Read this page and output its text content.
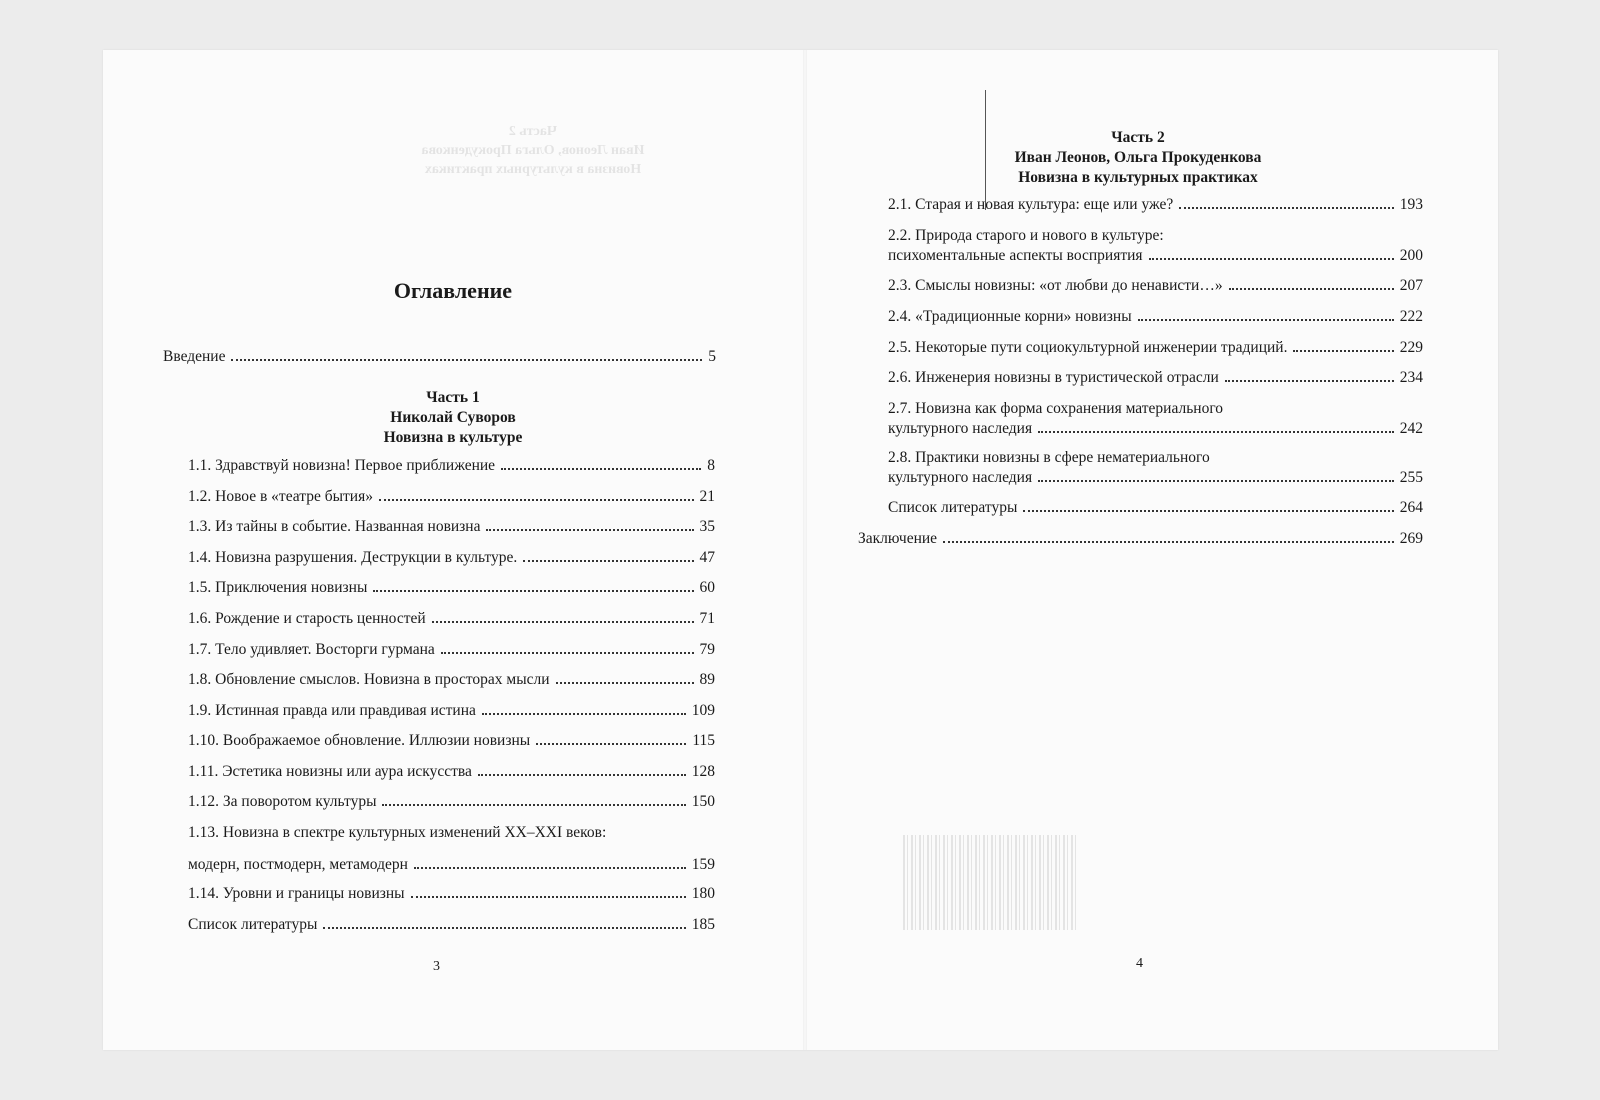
Часть 2
Иван Леонов, Ольга Прокуденкова
Новизна в культурных практиках
Оглавление
Введение	5
Часть 1
Николай Суворов
Новизна в культуре
1.1. Здравствуй новизна! Первое приближение	8
1.2. Новое в «театре бытия»	21
1.3. Из тайны в событие. Названная новизна	35
1.4. Новизна разрушения. Деструкции в культуре.	47
1.5. Приключения новизны	60
1.6. Рождение и старость ценностей	71
1.7. Тело удивляет. Восторги гурмана	79
1.8. Обновление смыслов. Новизна в просторах мысли	89
1.9. Истинная правда или правдивая истина	109
1.10. Воображаемое обновление. Иллюзии новизны	115
1.11. Эстетика новизны или аура искусства	128
1.12. За поворотом культуры	150
1.13. Новизна в спектре культурных изменений XX–XXI веков:
модерн, постмодерн, метамодерн	159
1.14. Уровни и границы новизны	180
Список литературы	185
3
Часть 2
Иван Леонов, Ольга Прокуденкова
Новизна в культурных практиках
2.1. Старая и новая культура: еще или уже?	193
2.2. Природа старого и нового в культуре:
психоментальные аспекты восприятия	200
2.3. Смыслы новизны: «от любви до ненависти…»	207
2.4. «Традиционные корни» новизны	222
2.5. Некоторые пути социокультурной инженерии традиций.	229
2.6. Инженерия новизны в туристической отрасли	234
2.7. Новизна как форма сохранения материального
культурного наследия	242
2.8. Практики новизны в сфере нематериального
культурного наследия	255
Список литературы	264
Заключение	269
4
